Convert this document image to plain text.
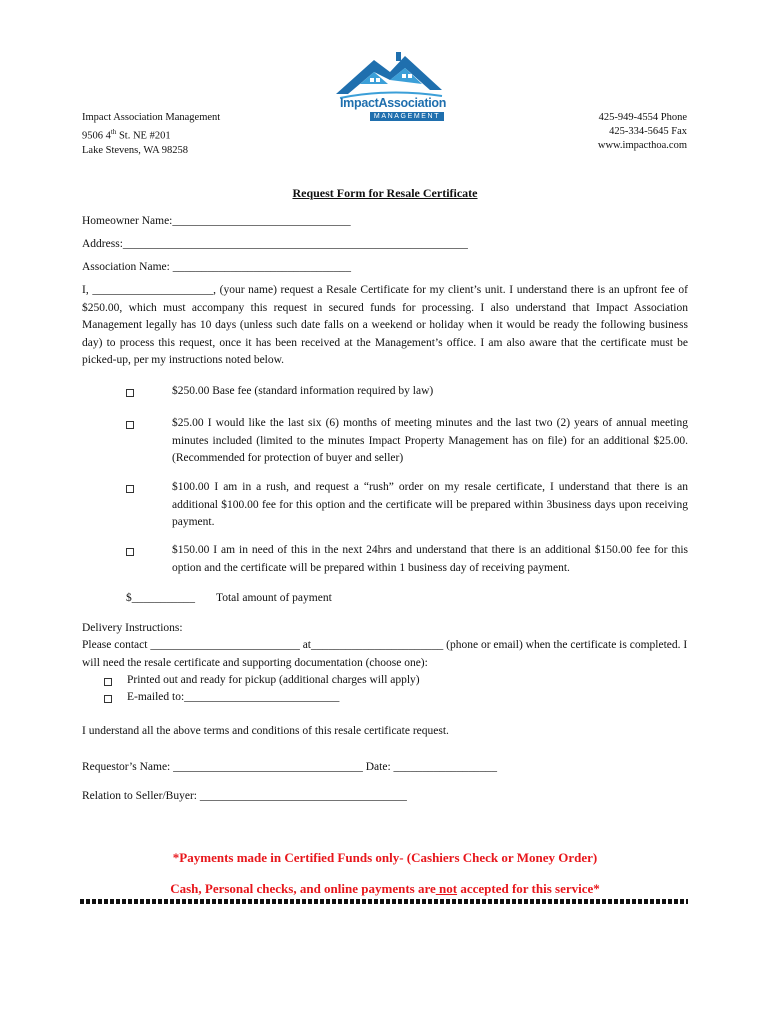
ImpactAssociation
MANAGEMENT
Impact Association Management
9506 4th St. NE #201
Lake Stevens, WA 98258
425-949-4554 Phone
425-334-5645 Fax
www.impacthoa.com
Request Form for Resale Certificate
Homeowner Name:_______________________________
Address:____________________________________________________________
Association Name: _______________________________
I, _____________________, (your name) request a Resale Certificate for my client’s unit. I understand there is an upfront fee of $250.00, which must accompany this request in secured funds for processing. I also understand that Impact Association Management legally has 10 days (unless such date falls on a weekend or holiday when it would be ready the following business day) to process this request, once it has been received at the Management’s office. I am also aware that the certificate must be picked-up, per my instructions noted below.
$250.00 Base fee (standard information required by law)
$25.00 I would like the last six (6) months of meeting minutes and the last two (2) years of annual meeting minutes included (limited to the minutes Impact Property Management has on file) for an additional $25.00. (Recommended for protection of buyer and seller)
$100.00 I am in a rush, and request a “rush” order on my resale certificate, I understand that there is an additional $100.00 fee for this option and the certificate will be prepared within 3business days upon receiving payment.
$150.00 I am in need of this in the next 24hrs and understand that there is an additional $150.00 fee for this option and the certificate will be prepared within 1 business day of receiving payment.
$___________ Total amount of payment
Delivery Instructions:
Please contact __________________________ at_______________________ (phone or email) when the certificate is completed. I will need the resale certificate and supporting documentation (choose one):
Printed out and ready for pickup (additional charges will apply)
E-mailed to:___________________________
I understand all the above terms and conditions of this resale certificate request.
Requestor’s Name: _________________________________ Date: __________________
Relation to Seller/Buyer: ____________________________________
*Payments made in Certified Funds only- (Cashiers Check or Money Order)
Cash, Personal checks, and online payments are not accepted for this service*
